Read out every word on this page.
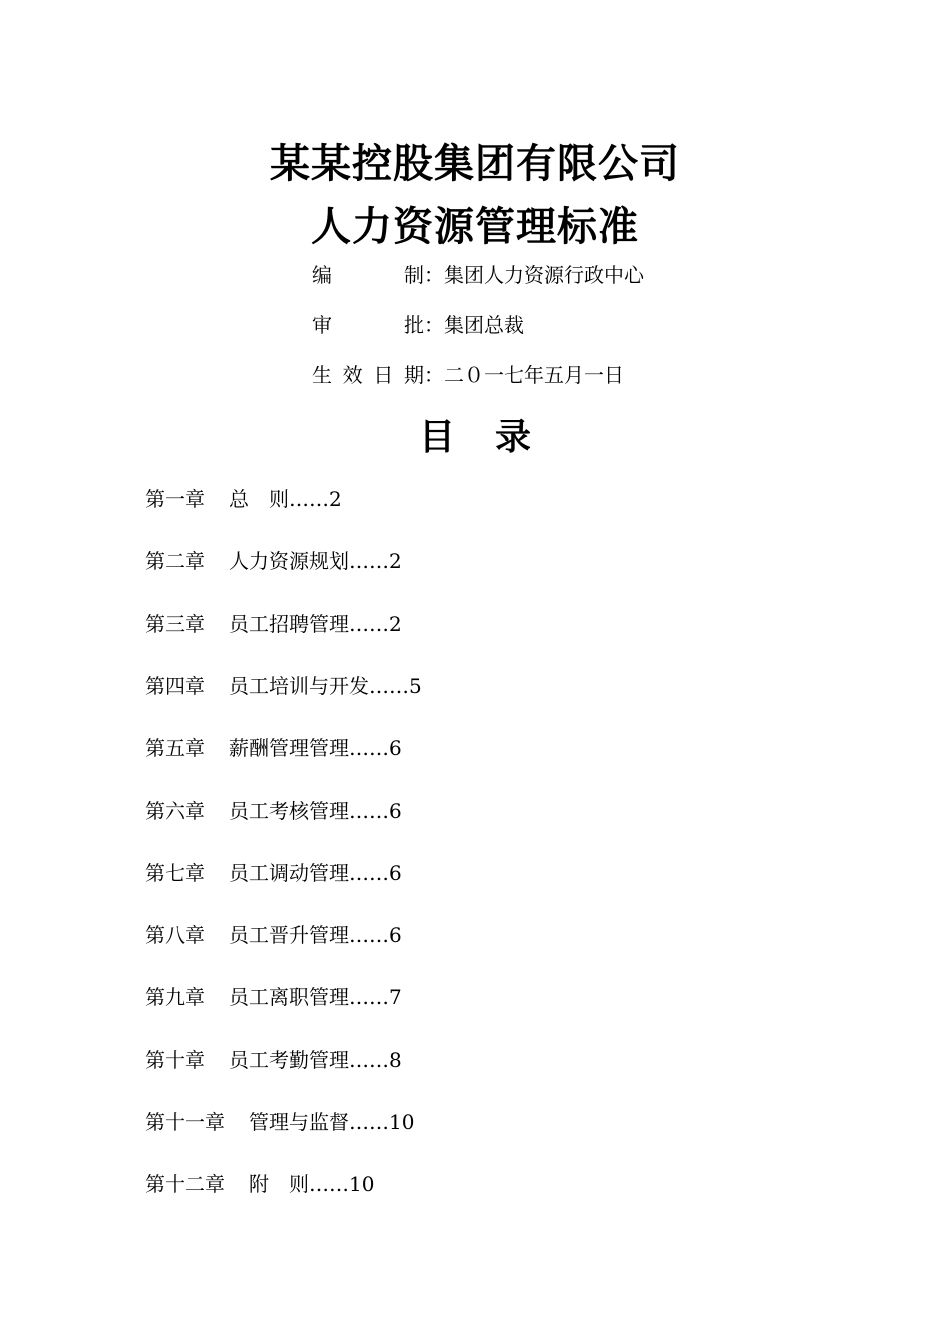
某某控股集团有限公司
人力资源管理标准
编制：集团人力资源行政中心
审批：集团总裁
生效日期：二０一七年五月一日
目 录
第一章 总　则……2
第二章 人力资源规划……2
第三章 员工招聘管理……2
第四章 员工培训与开发……5
第五章 薪酬管理管理……6
第六章 员工考核管理……6
第七章 员工调动管理……6
第八章 员工晋升管理……6
第九章 员工离职管理……7
第十章 员工考勤管理……8
第十一章 管理与监督……10
第十二章 附　则……10
